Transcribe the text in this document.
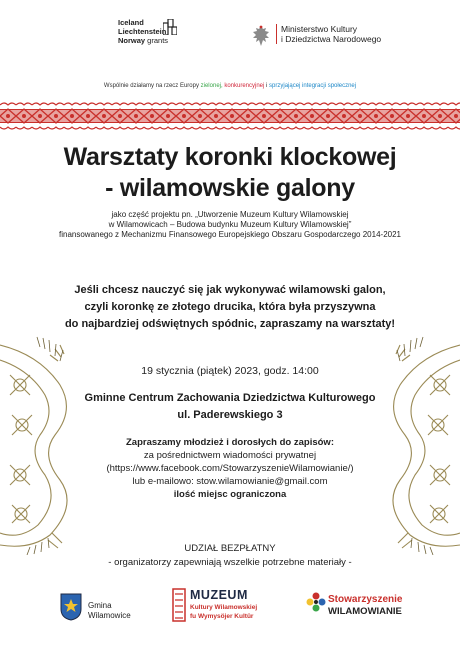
Iceland
Liechtenstein
Norway grants
Ministerstwo Kultury
i Dziedzictwa Narodowego
Wspólnie działamy na rzecz Europy zielonej, konkurencyjnej i sprzyjającej integracji społecznej
Warsztaty koronki klockowej
- wilamowskie galony
jako część projektu pn. „Utworzenie Muzeum Kultury Wilamowskiej
w Wilamowicach – Budowa budynku Muzeum Kultury Wilamowskiej”
finansowanego z Mechanizmu Finansowego Europejskiego Obszaru Gospodarczego 2014-2021
Jeśli chcesz nauczyć się jak wykonywać wilamowski galon,
czyli koronkę ze złotego drucika, która była przyszywna
do najbardziej odświętnych spódnic, zapraszamy na warsztaty!
19 stycznia (piątek) 2023, godz. 14:00
Gminne Centrum Zachowania Dziedzictwa Kulturowego
ul. Paderewskiego 3
Zapraszamy młodzież i dorosłych do zapisów:
za pośrednictwem wiadomości prywatnej
(https://www.facebook.com/StowarzyszenieWilamowianie/)
lub e-mailowo: stow.wilamowianie@gmail.com
ilość miejsc ograniczona
UDZIAŁ BEZPŁATNY
- organizatorzy zapewniają wszelkie potrzebne materiały -
Gmina
Wilamowice
MUZEUM
Kultury Wilamowskiej
fu Wymysöjer Kultür
Stowarzyszenie
WILAMOWIANIE
